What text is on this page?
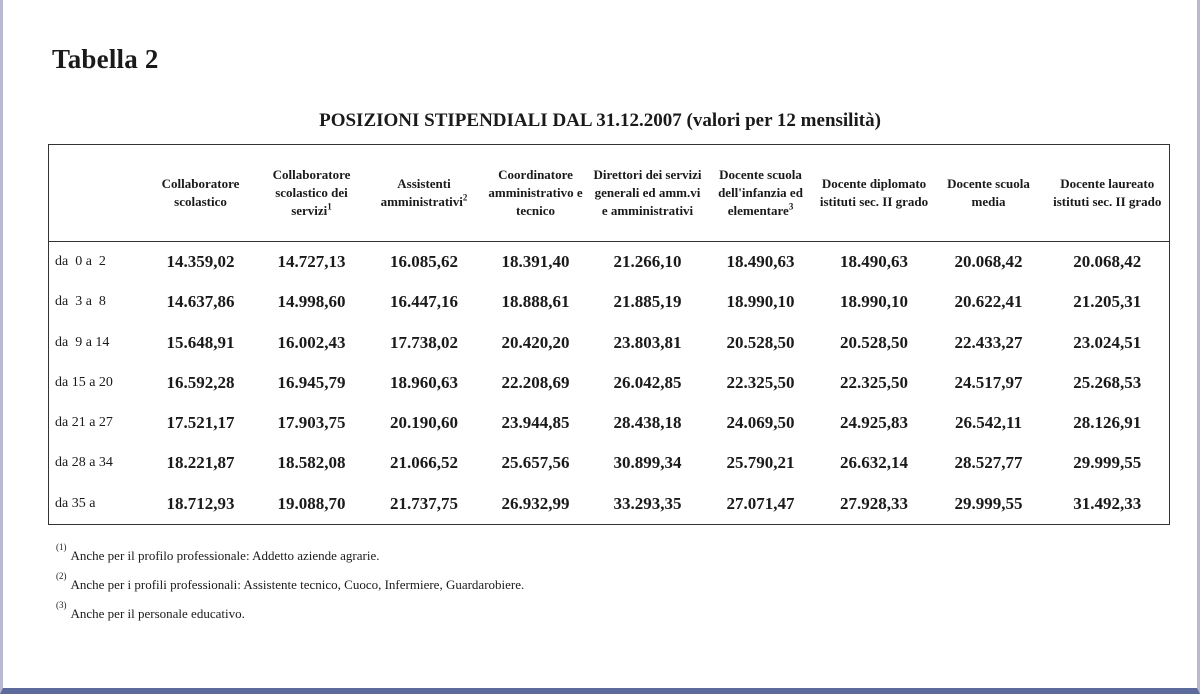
Tabella 2
POSIZIONI STIPENDIALI DAL 31.12.2007 (valori per 12 mensilità)
	Collaboratore scolastico	Collaboratore scolastico dei servizi$^1$	Assistenti amministrativi$^2$	Coordinatore amministrativo e tecnico	Direttori dei servizi generali ed amm.vi e amministrativi	Docente scuola dell'infanzia ed elementare$^3$	Docente diplomato istituti sec. II grado	Docente scuola media	Docente laureato istituti sec. II grado
da  0 a  2	14.359,02	14.727,13	16.085,62	18.391,40	21.266,10	18.490,63	18.490,63	20.068,42	20.068,42
da  3 a  8	14.637,86	14.998,60	16.447,16	18.888,61	21.885,19	18.990,10	18.990,10	20.622,41	21.205,31
da  9 a 14	15.648,91	16.002,43	17.738,02	20.420,20	23.803,81	20.528,50	20.528,50	22.433,27	23.024,51
da 15 a 20	16.592,28	16.945,79	18.960,63	22.208,69	26.042,85	22.325,50	22.325,50	24.517,97	25.268,53
da 21 a 27	17.521,17	17.903,75	20.190,60	23.944,85	28.438,18	24.069,50	24.925,83	26.542,11	28.126,91
da 28 a 34	18.221,87	18.582,08	21.066,52	25.657,56	30.899,34	25.790,21	26.632,14	28.527,77	29.999,55
da 35 a	18.712,93	19.088,70	21.737,75	26.932,99	33.293,35	27.071,47	27.928,33	29.999,55	31.492,33
(1)
Anche per il profilo professionale: Addetto aziende agrarie.
(2)
Anche per i profili professionali: Assistente tecnico, Cuoco, Infermiere, Guardarobiere.
(3)
Anche per il personale educativo.
